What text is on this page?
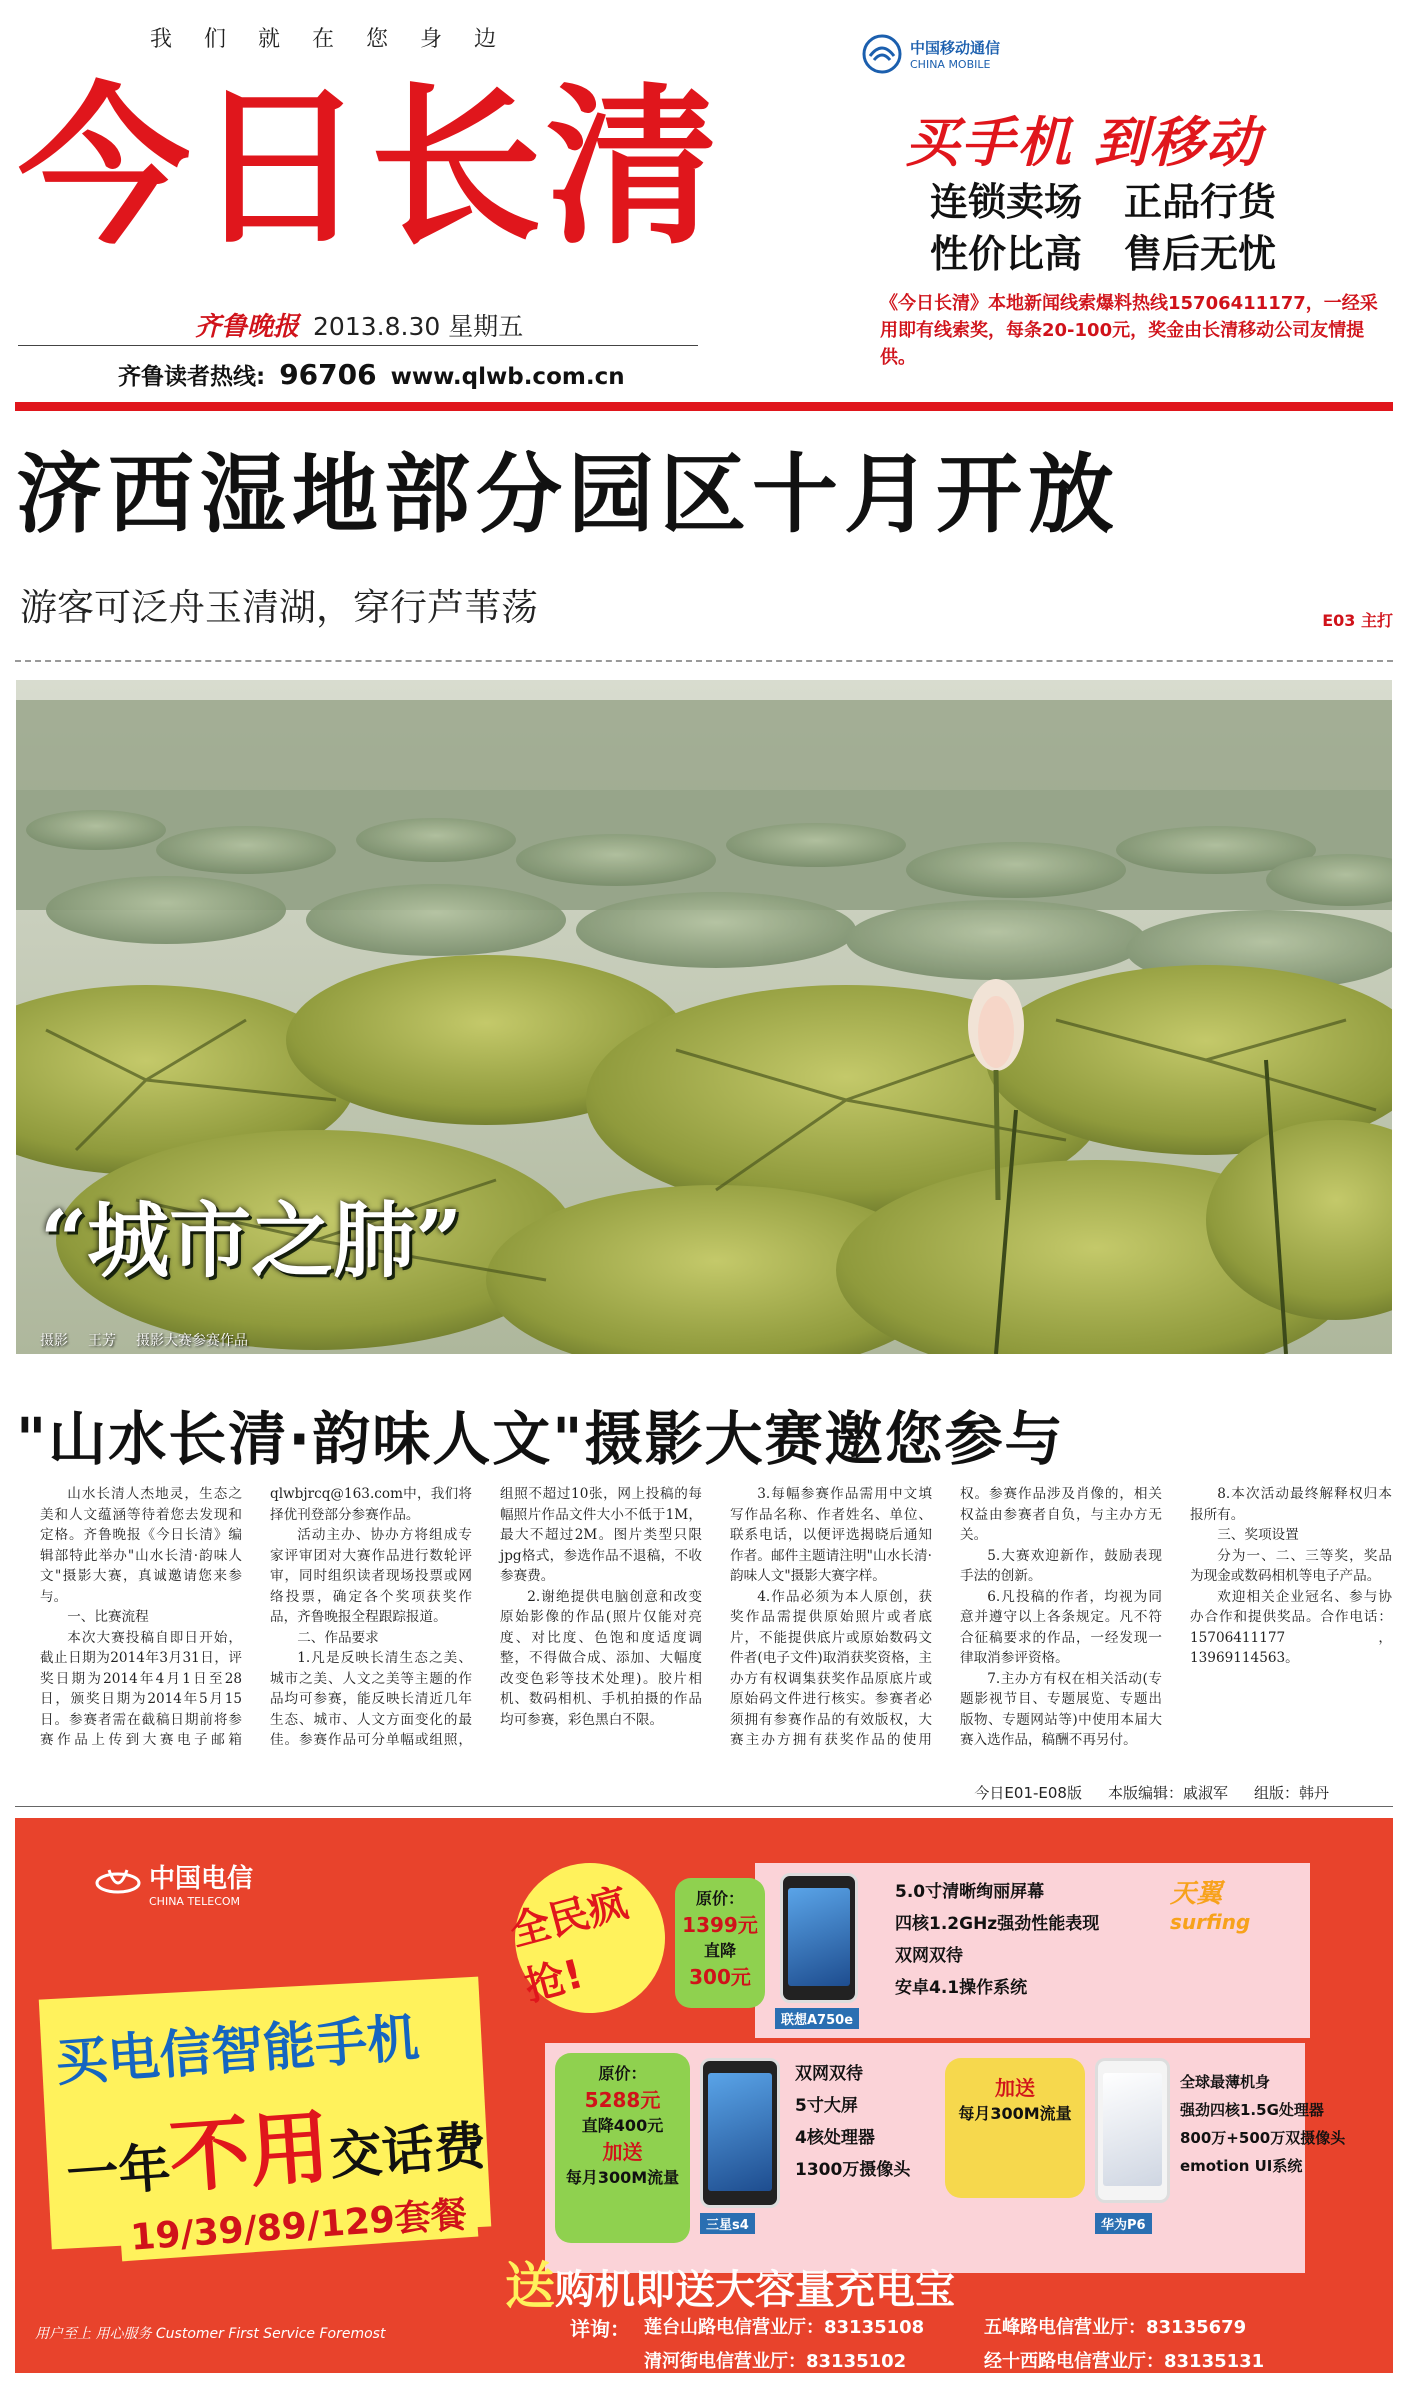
我们就在您身边
今日长清
齐鲁晚报 2013.8.30 星期五
齐鲁读者热线: 96706 www.qlwb.com.cn
中国移动通信
CHINA MOBILE
买手机 到移动
连锁卖场 正品行货
性价比高 售后无忧
《今日长清》本地新闻线索爆料热线15706411177，一经采用即有线索奖，每条20-100元，奖金由长清移动公司友情提供。
济西湿地部分园区十月开放
游客可泛舟玉清湖，穿行芦苇荡	E03 主打
“城市之肺”
摄影 王芳 摄影大赛参赛作品
"山水长清·韵味人文"摄影大赛邀您参与

山水长清人杰地灵，生态之美和人文蕴涵等待着您去发现和定格。齐鲁晚报《今日长清》编辑部特此举办"山水长清·韵味人文"摄影大赛，真诚邀请您来参与。

一、比赛流程

本次大赛投稿自即日开始，截止日期为2014年3月31日，评奖日期为2014年4月1日至28日，颁奖日期为2014年5月15日。参赛者需在截稿日期前将参赛作品上传到大赛电子邮箱qlwbjrcq@163.com中，我们将择优刊登部分参赛作品。

活动主办、协办方将组成专家评审团对大赛作品进行数轮评审，同时组织读者现场投票或网络投票，确定各个奖项获奖作品，齐鲁晚报全程跟踪报道。

二、作品要求

1.凡是反映长清生态之美、城市之美、人文之美等主题的作品均可参赛，能反映长清近几年生态、城市、人文方面变化的最佳。参赛作品可分单幅或组照，组照不超过10张，网上投稿的每幅照片作品文件大小不低于1M，最大不超过2M。图片类型只限jpg格式，参选作品不退稿，不收参赛费。

2.谢绝提供电脑创意和改变原始影像的作品(照片仅能对亮度、对比度、色饱和度适度调整，不得做合成、添加、大幅度改变色彩等技术处理)。胶片相机、数码相机、手机拍摄的作品均可参赛，彩色黑白不限。

3.每幅参赛作品需用中文填写作品名称、作者姓名、单位、联系电话，以便评选揭晓后通知作者。邮件主题请注明"山水长清·韵味人文"摄影大赛字样。

4.作品必须为本人原创，获奖作品需提供原始照片或者底片，不能提供底片或原始数码文件者(电子文件)取消获奖资格，主办方有权调集获奖作品原底片或原始码文件进行核实。参赛者必须拥有参赛作品的有效版权，大赛主办方拥有获奖作品的使用权。参赛作品涉及肖像的，相关权益由参赛者自负，与主办方无关。

5.大赛欢迎新作，鼓励表现手法的创新。

6.凡投稿的作者，均视为同意并遵守以上各条规定。凡不符合征稿要求的作品，一经发现一律取消参评资格。

7.主办方有权在相关活动(专题影视节目、专题展览、专题出版物、专题网站等)中使用本届大赛入选作品，稿酬不再另付。

8.本次活动最终解释权归本报所有。

三、奖项设置

分为一、二、三等奖，奖品为现金或数码相机等电子产品。

欢迎相关企业冠名、参与协办合作和提供奖品。合作电话：15706411177，13969114563。

今日E01-E08版 本版编辑：戚淑军 组版：韩丹
中国电信
CHINA TELECOM
买电信智能手机
一年不用交话费
19/39/89/129套餐
全民疯抢!
天翼
surfing
原价：
1399元
直降
300元
联想A750e
5.0寸清晰绚丽屏幕
四核1.2GHz强劲性能表现
双网双待
安卓4.1操作系统
原价：
5288元
直降400元
加送
每月300M流量
三星s4
双网双待
5寸大屏
4核处理器
1300万摄像头
加送
每月300M流量
华为P6
全球最薄机身
强劲四核1.5G处理器
800万+500万双摄像头
emotion UI系统
送购机即送大容量充电宝
用户至上 用心服务 Customer First Service Foremost	详询： 莲台山路电信营业厅：83135108	五峰路电信营业厅：83135679
清河街电信营业厅：83135102	经十西路电信营业厅：83135131
